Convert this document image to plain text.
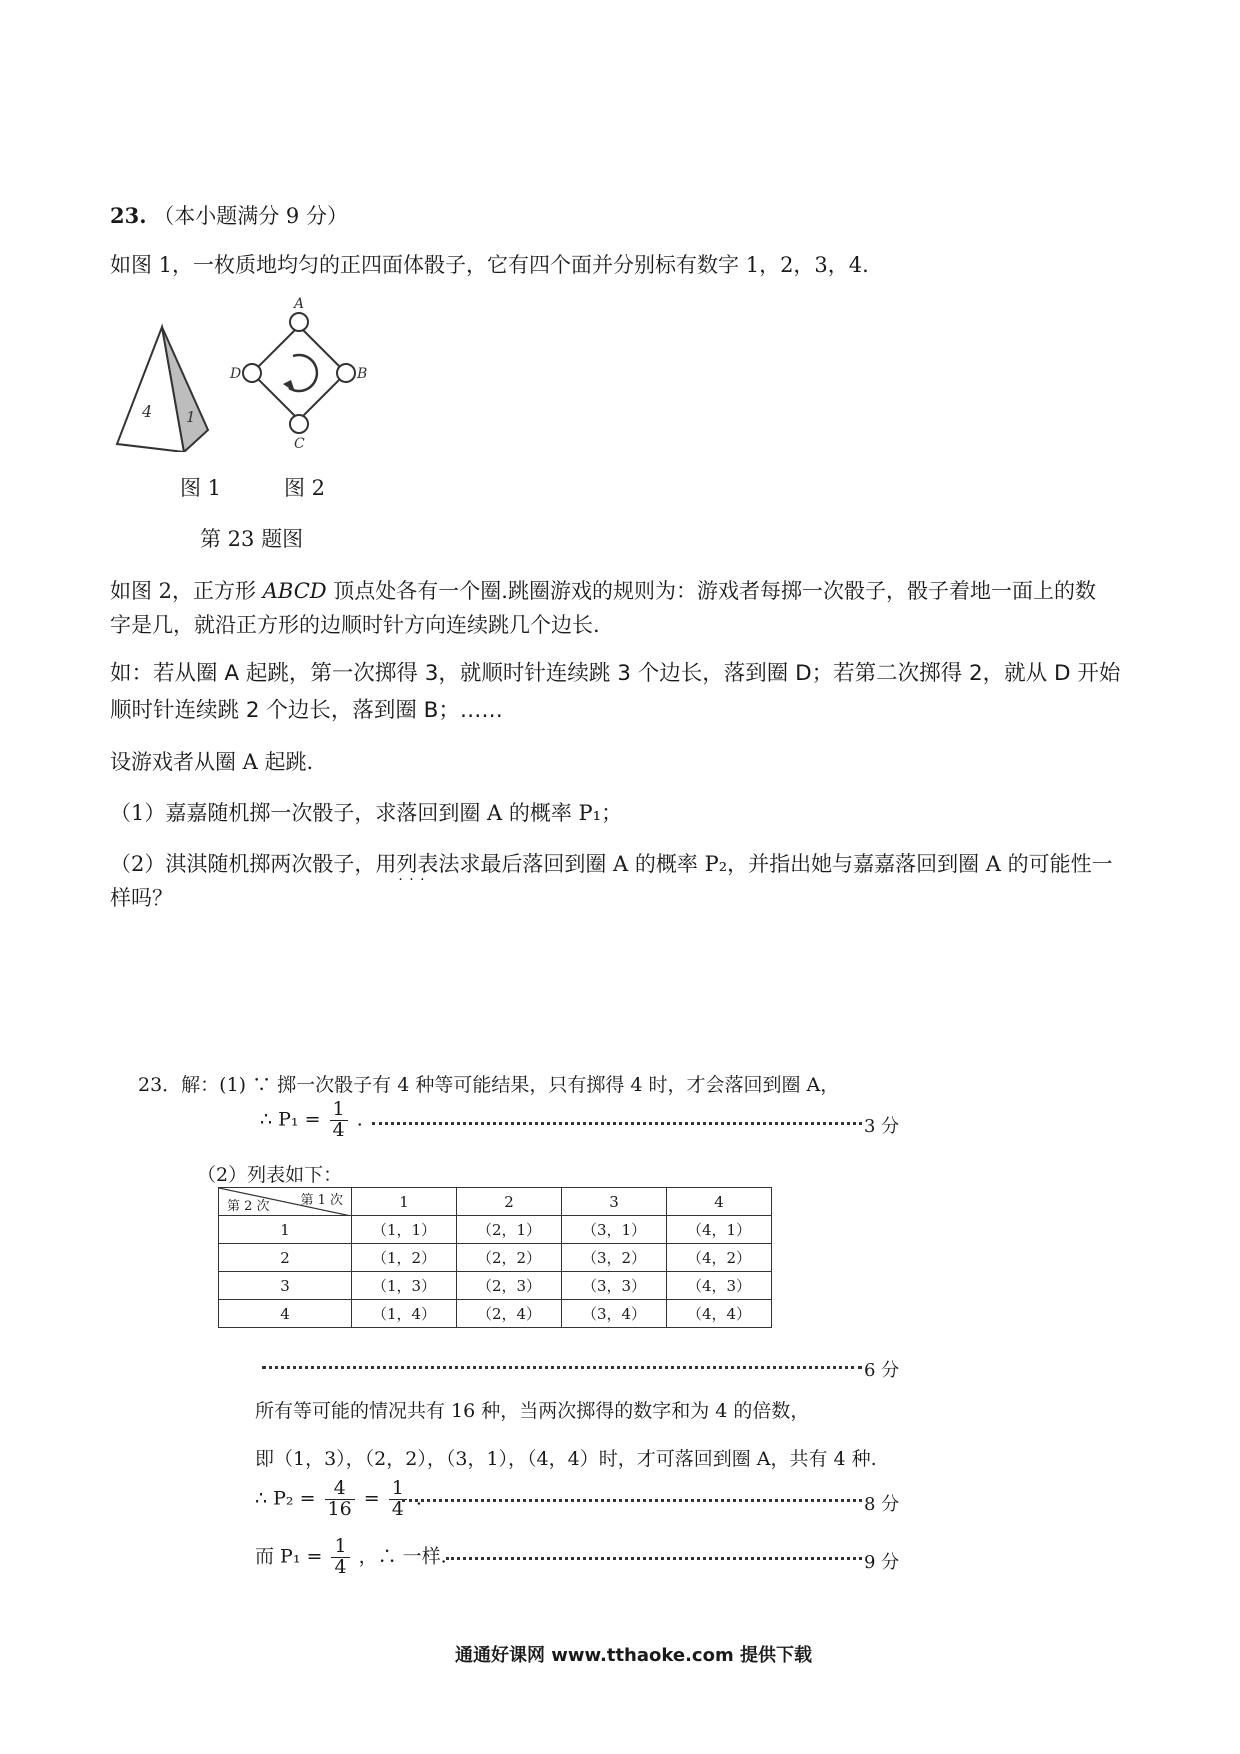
23. （本小题满分 9 分）
如图 1，一枚质地均匀的正四面体骰子，它有四个面并分别标有数字 1，2，3，4.
4 1
A
B
C
D
图 1	图 2
第 23 题图
如图 2，正方形 ABCD 顶点处各有一个圈.跳圈游戏的规则为：游戏者每掷一次骰子，骰子着地一面上的数
字是几，就沿正方形的边顺时针方向连续跳几个边长.
如：若从圈 A 起跳，第一次掷得 3，就顺时针连续跳 3 个边长，落到圈 D；若第二次掷得 2，就从 D 开始
顺时针连续跳 2 个边长，落到圈 B；……
设游戏者从圈 A 起跳.
（1）嘉嘉随机掷一次骰子，求落回到圈 A 的概率 P₁；
（2）淇淇随机掷两次骰子，用列表法 · · ·求最后落回到圈 A 的概率 P₂，并指出她与嘉嘉落回到圈 A 的可能性一
样吗？
23．解：(1) ∵ 掷一次骰子有 4 种等可能结果，只有掷得 4 时，才会落回到圈 A，
∴ $P_1 = \frac{1}{4}$ .	3 分
（2）列表如下：
第 1 次
第 2 次	1	2	3	4
1	（1，1）	（2，1）	（3，1）	（4，1）
2	（1，2）	（2，2）	（3，2）	（4，2）
3	（1，3）	（2，3）	（3，3）	（4，3）
4	（1，4）	（2，4）	（3，4）	（4，4）
6 分
所有等可能的情况共有 16 种，当两次掷得的数字和为 4 的倍数，
即（1，3），（2，2），（3，1），（4，4）时，才可落回到圈 A，共有 4 种.
∴ $P_2 = \frac{4}{16} = \frac{1}{4}$ .	8 分
而 $P_1 = \frac{1}{4}$ ，∴ 一样.	9 分
通通好课网 www.tthaoke.com 提供下载
